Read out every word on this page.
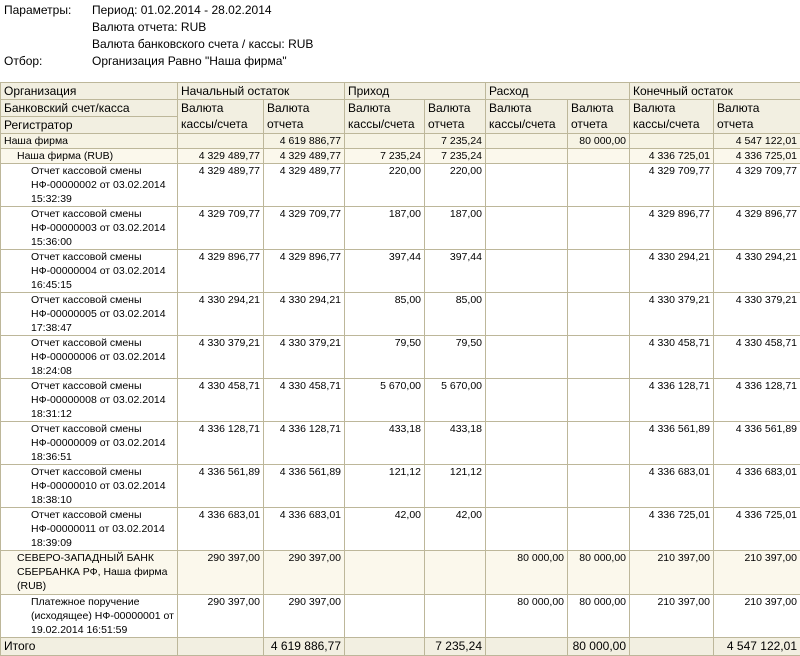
Параметры:	Период: 01.02.2014 - 28.02.2014
Валюта отчета: RUB
Валюта банковского счета / кассы: RUB
Отбор:	Организация Равно "Наша фирма"
Организация	Начальный остаток		Приход		Расход		Конечный остаток	
Банковский счет/касса	Валюта кассы/счета	Валюта отчета	Валюта кассы/счета	Валюта отчета	Валюта кассы/счета	Валюта отчета	Валюта кассы/счета	Валюта отчета
Регистратор								
Наша фирма		4 619 886,77		7 235,24		80 000,00		4 547 122,01
Наша фирма (RUB)	4 329 489,77	4 329 489,77	7 235,24	7 235,24			4 336 725,01	4 336 725,01
Отчет кассовой смены НФ-00000002 от 03.02.2014 15:32:39	4 329 489,77	4 329 489,77	220,00	220,00			4 329 709,77	4 329 709,77
Отчет кассовой смены НФ-00000003 от 03.02.2014 15:36:00	4 329 709,77	4 329 709,77	187,00	187,00			4 329 896,77	4 329 896,77
Отчет кассовой смены НФ-00000004 от 03.02.2014 16:45:15	4 329 896,77	4 329 896,77	397,44	397,44			4 330 294,21	4 330 294,21
Отчет кассовой смены НФ-00000005 от 03.02.2014 17:38:47	4 330 294,21	4 330 294,21	85,00	85,00			4 330 379,21	4 330 379,21
Отчет кассовой смены НФ-00000006 от 03.02.2014 18:24:08	4 330 379,21	4 330 379,21	79,50	79,50			4 330 458,71	4 330 458,71
Отчет кассовой смены НФ-00000008 от 03.02.2014 18:31:12	4 330 458,71	4 330 458,71	5 670,00	5 670,00			4 336 128,71	4 336 128,71
Отчет кассовой смены НФ-00000009 от 03.02.2014 18:36:51	4 336 128,71	4 336 128,71	433,18	433,18			4 336 561,89	4 336 561,89
Отчет кассовой смены НФ-00000010 от 03.02.2014 18:38:10	4 336 561,89	4 336 561,89	121,12	121,12			4 336 683,01	4 336 683,01
Отчет кассовой смены НФ-00000011 от 03.02.2014 18:39:09	4 336 683,01	4 336 683,01	42,00	42,00			4 336 725,01	4 336 725,01
СЕВЕРО-ЗАПАДНЫЙ БАНК СБЕРБАНКА РФ, Наша фирма (RUB)	290 397,00	290 397,00			80 000,00	80 000,00	210 397,00	210 397,00
Платежное поручение (исходящее) НФ-00000001 от 19.02.2014 16:51:59	290 397,00	290 397,00			80 000,00	80 000,00	210 397,00	210 397,00
Итого		4 619 886,77		7 235,24		80 000,00		4 547 122,01
